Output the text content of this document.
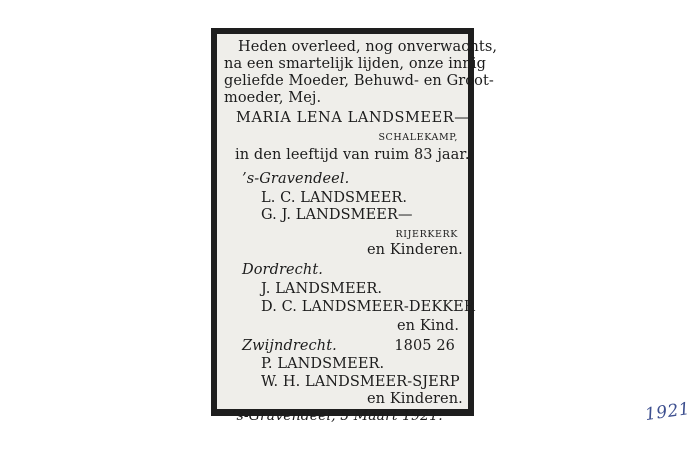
Heden overleed, nog onverwachts,
na een smartelijk lijden, onze innig
geliefde Moeder, Behuwd- en Groot-
moeder, Mej.
MARIA LENA LANDSMEER—
SCHALEKAMP,
in den leeftijd van ruim 83 jaar.
’s-Gravendeel.
L. C. LANDSMEER.
G. J. LANDSMEER—
RIJERKERK
en Kinderen.
Dordrecht.
J. LANDSMEER.
D. C. LANDSMEER-DEKKER
en Kind.
Zwijndrecht.	1805 26
P. LANDSMEER.
W. H. LANDSMEER-SJERP
en Kinderen.
’s-Gravendeel, 5 Maart 1921.	1921
